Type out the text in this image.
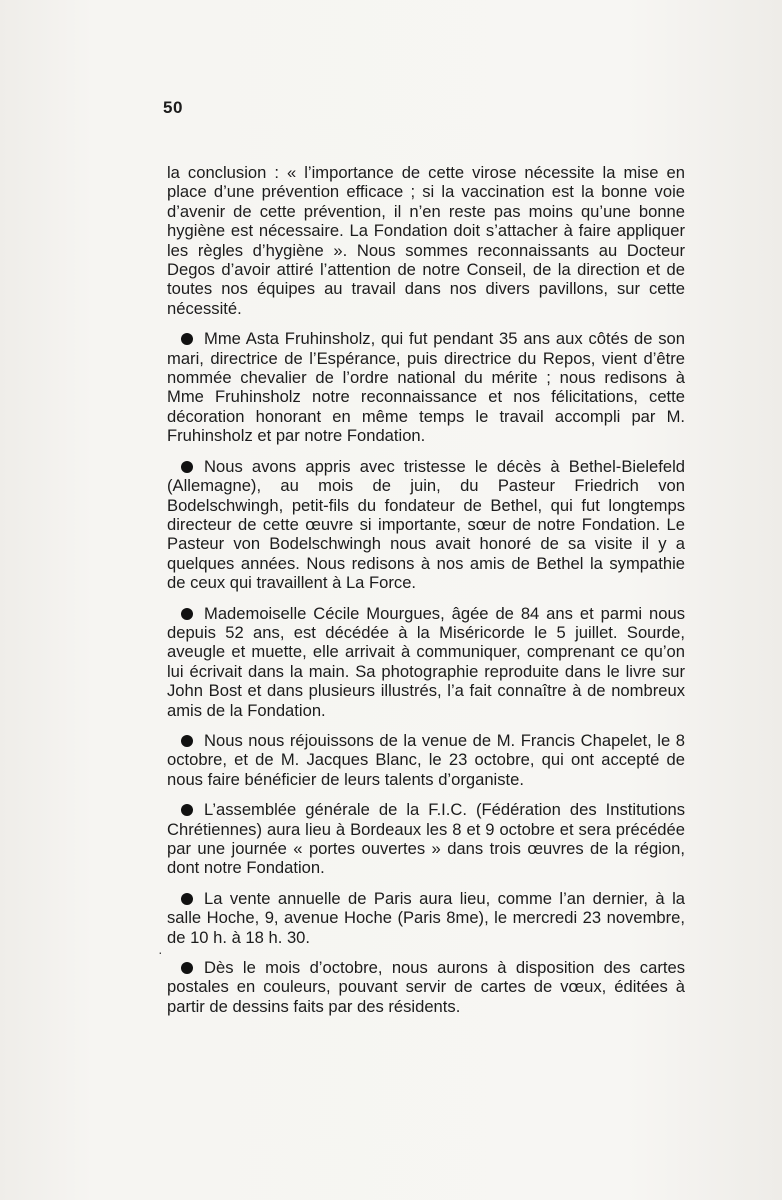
50

la conclusion : « l’importance de cette virose nécessite la mise en place d’une prévention efficace ; si la vaccination est la bonne voie d’avenir de cette prévention, il n’en reste pas moins qu’une bonne hygiène est nécessaire. La Fondation doit s’attacher à faire appliquer les règles d’hygiène ». Nous sommes reconnaissants au Docteur Degos d’avoir attiré l’attention de notre Conseil, de la direction et de toutes nos équipes au travail dans nos divers pavillons, sur cette nécessité.

Mme Asta Fruhinsholz, qui fut pendant 35 ans aux côtés de son mari, directrice de l’Espérance, puis directrice du Repos, vient d’être nommée chevalier de l’ordre national du mérite ; nous redisons à Mme Fruhinsholz notre reconnaissance et nos félicitations, cette décoration honorant en même temps le travail accompli par M. Fruhinsholz et par notre Fondation.

Nous avons appris avec tristesse le décès à Bethel-Bielefeld (Allemagne), au mois de juin, du Pasteur Friedrich von Bodelschwingh, petit-fils du fondateur de Bethel, qui fut longtemps directeur de cette œuvre si importante, sœur de notre Fondation. Le Pasteur von Bodelschwingh nous avait honoré de sa visite il y a quelques années. Nous redisons à nos amis de Bethel la sympathie de ceux qui travaillent à La Force.

Mademoiselle Cécile Mourgues, âgée de 84 ans et parmi nous depuis 52 ans, est décédée à la Miséricorde le 5 juillet. Sourde, aveugle et muette, elle arrivait à communiquer, comprenant ce qu’on lui écrivait dans la main. Sa photographie reproduite dans le livre sur John Bost et dans plusieurs illustrés, l’a fait connaître à de nombreux amis de la Fondation.

Nous nous réjouissons de la venue de M. Francis Chapelet, le 8 octobre, et de M. Jacques Blanc, le 23 octobre, qui ont accepté de nous faire bénéficier de leurs talents d’organiste.

L’assemblée générale de la F.I.C. (Fédération des Institutions Chrétiennes) aura lieu à Bordeaux les 8 et 9 octobre et sera précédée par une journée « portes ouvertes » dans trois œuvres de la région, dont notre Fondation.

La vente annuelle de Paris aura lieu, comme l’an dernier, à la salle Hoche, 9, avenue Hoche (Paris 8me), le mercredi 23 novembre, de 10 h. à 18 h. 30.

Dès le mois d’octobre, nous aurons à disposition des cartes postales en couleurs, pouvant servir de cartes de vœux, éditées à partir de dessins faits par des résidents.

·
